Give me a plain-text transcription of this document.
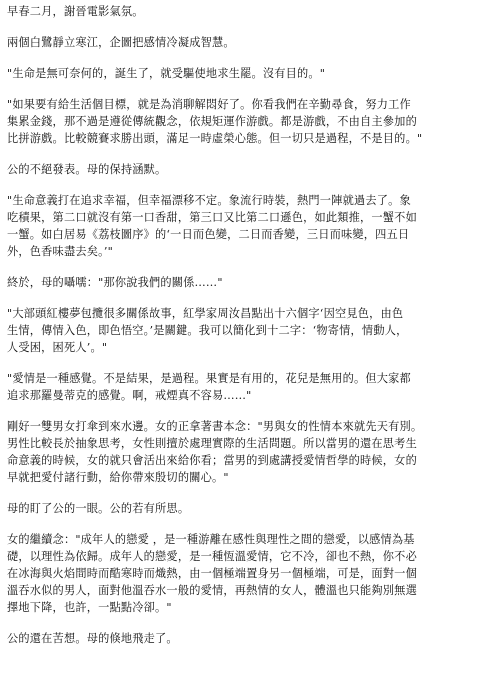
早春二月，謝晉電影氣氛。
兩個白鷺靜立寒江，企圖把感情冷凝成智慧。
"生命是無可奈何的，誕生了，就受驅使地求生罷。沒有目的。"
"如果要有給生活個目標，就是為消聊解悶好了。你看我們在辛勤尋食，努力工作
集累金錢，那不過是遵從傳統觀念，依規矩運作游戲。都是游戲，不由自主參加的
比拼游戲。比較競賽求勝出頭，滿足一時虛榮心態。但一切只是過程，不是目的。"
公的不絕發表。母的保持涵默。
"生命意義打在追求幸福，但幸福漂移不定。象流行時裝，熱門一陣就過去了。象
吃積果，第二口就沒有第一口香甜，第三口又比第二口遜色，如此類推，一蟹不如
一蟹。如白居易《荔枝圖序》的‘一日而色變，二日而香變，三日而味變，四五日
外，色香味盡去矣。’"
終於，母的囁嚅："那你說我們的關係……"
"大部頭紅樓夢包攬很多關係故事，紅學家周汝昌點出十六個字‘因空見色，由色
生情，傳情入色，即色悟空。’是關鍵。我可以簡化到十二字：‘物寄情，情動人，
人受困，困死人’。"
"愛情是一種感覺。不是結果，是過程。果實是有用的，花兒是無用的。但大家都
追求那羅曼蒂克的感覺。啊，戒煙真不容易……"
剛好一雙男女打傘到來水邊。女的正拿著書本念："男與女的性情本來就先天有別。
男性比較長於抽象思考，女性則擅於處理實際的生活問題。所以當男的還在思考生
命意義的時候，女的就只會活出來給你看；當男的到處講授愛情哲學的時候，女的
早就把愛付諸行動，給你帶來殷切的關心。"
母的盯了公的一眼。公的若有所思。
女的繼續念："成年人的戀愛 ，是一種游離在感性與理性之間的戀愛，以感情為基
礎，以理性為依歸。成年人的戀愛，是一種恆溫愛情，它不冷，卻也不熱，你不必
在冰海與火焰間時而酷寒時而熾熱，由一個極端置身另一個極端，可是，面對一個
溫吞水似的男人，面對他溫吞水一般的愛情，再熱情的女人，體溫也只能夠別無選
擇地下降，也許，一點點冷卻。"
公的還在苦想。母的倏地飛走了。
